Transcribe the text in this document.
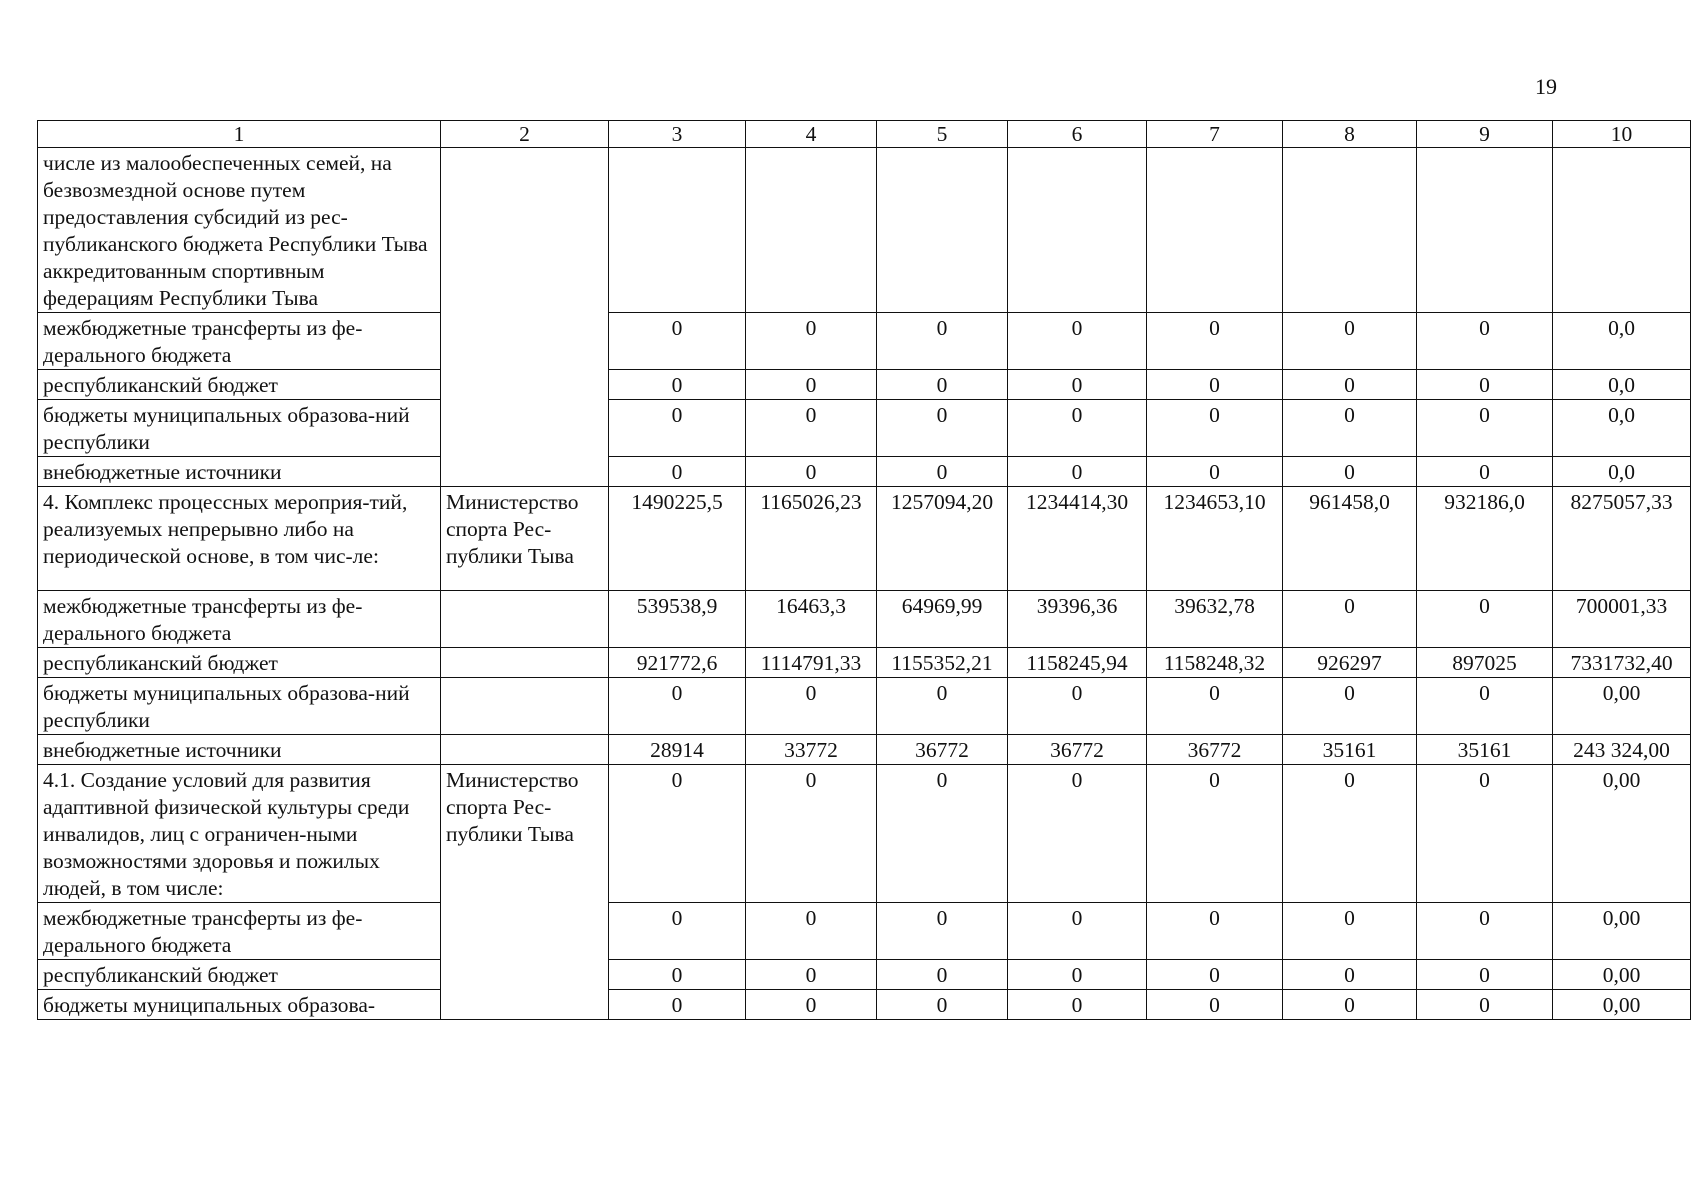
19
1	2	3	4	5	6	7	8	9	10
числе из малообеспеченных семей, на безвозмездной основе путем предоставления субсидий из рес-публиканского бюджета Республики Тыва аккредитованным спортивным федерациям Республики Тыва									
межбюджетные трансферты из фе-дерального бюджета		0	0	0	0	0	0	0	0,0
республиканский бюджет		0	0	0	0	0	0	0	0,0
бюджеты муниципальных образова-ний республики		0	0	0	0	0	0	0	0,0
внебюджетные источники		0	0	0	0	0	0	0	0,0
4. Комплекс процессных мероприя-тий, реализуемых непрерывно либо на периодической основе, в том чис-ле:	Министерство спорта Рес-публики Тыва	1490225,5	1165026,23	1257094,20	1234414,30	1234653,10	961458,0	932186,0	8275057,33
межбюджетные трансферты из фе-дерального бюджета		539538,9	16463,3	64969,99	39396,36	39632,78	0	0	700001,33
республиканский бюджет		921772,6	1114791,33	1155352,21	1158245,94	1158248,32	926297	897025	7331732,40
бюджеты муниципальных образова-ний республики		0	0	0	0	0	0	0	0,00
внебюджетные источники		28914	33772	36772	36772	36772	35161	35161	243 324,00
4.1. Создание условий для развития адаптивной физической культуры среди инвалидов, лиц с ограничен-ными возможностями здоровья и пожилых людей, в том числе:	Министерство спорта Рес-публики Тыва	0	0	0	0	0	0	0	0,00
межбюджетные трансферты из фе-дерального бюджета		0	0	0	0	0	0	0	0,00
республиканский бюджет		0	0	0	0	0	0	0	0,00
бюджеты муниципальных образова-		0	0	0	0	0	0	0	0,00
